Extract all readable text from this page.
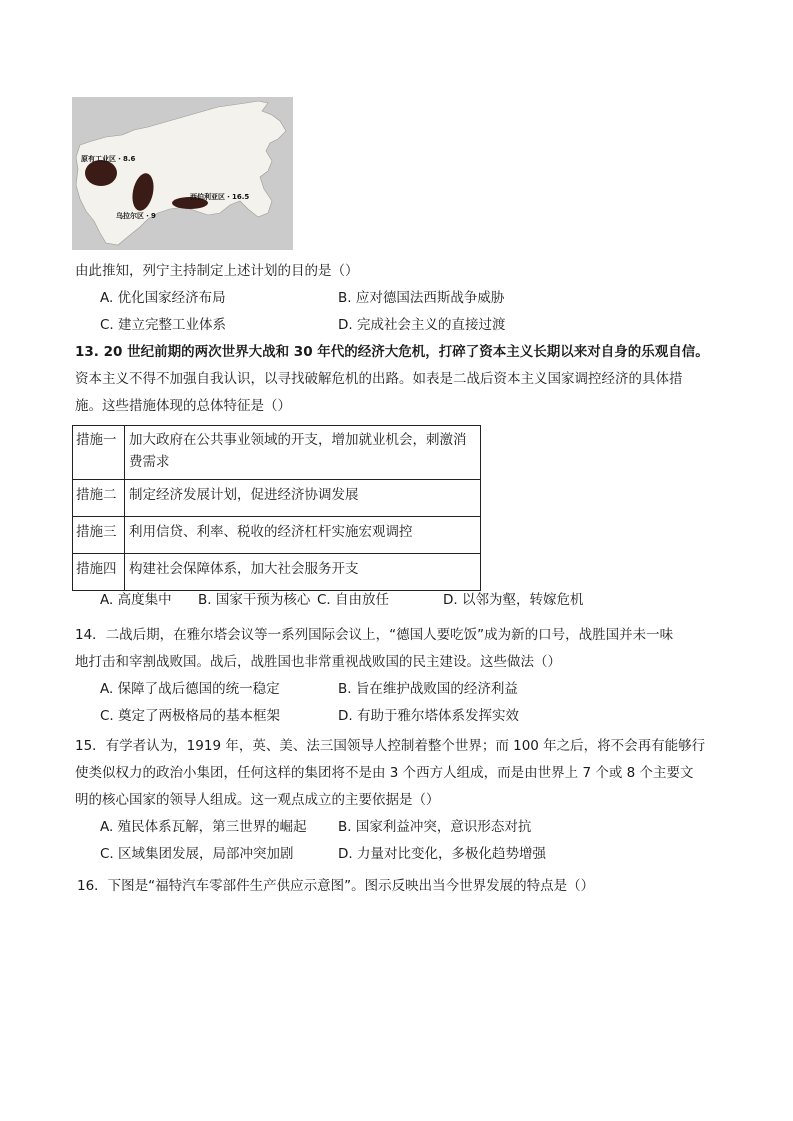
原有工业区・8.6
西伯利亚区・16.5
乌拉尔区・9
由此推知，列宁主持制定上述计划的目的是（）
A. 优化国家经济布局	B. 应对德国法西斯战争威胁
C. 建立完整工业体系	D. 完成社会主义的直接过渡
13. 20 世纪前期的两次世界大战和 30 年代的经济大危机，打碎了资本主义长期以来对自身的乐观自信。
资本主义不得不加强自我认识，以寻找破解危机的出路。如表是二战后资本主义国家调控经济的具体措
施。这些措施体现的总体特征是（）
措施一	加大政府在公共事业领域的开支，增加就业机会，刺激消
费需求

措施二	制定经济发展计划，促进经济协调发展
措施三	利用信贷、利率、税收的经济杠杆实施宏观调控
措施四	构建社会保障体系，加大社会服务开支
A. 高度集中 B. 国家干预为核心 C. 自由放任	D. 以邻为壑，转嫁危机
14．二战后期，在雅尔塔会议等一系列国际会议上，“德国人要吃饭”成为新的口号，战胜国并未一味
地打击和宰割战败国。战后，战胜国也非常重视战败国的民主建设。这些做法（）
A. 保障了战后德国的统一稳定	B. 旨在维护战败国的经济利益
C. 奠定了两极格局的基本框架	D. 有助于雅尔塔体系发挥实效
15．有学者认为，1919 年，英、美、法三国领导人控制着整个世界；而 100 年之后，将不会再有能够行
使类似权力的政治小集团，任何这样的集团将不是由 3 个西方人组成，而是由世界上 7 个或 8 个主要文
明的核心国家的领导人组成。这一观点成立的主要依据是（）
A. 殖民体系瓦解，第三世界的崛起 B. 国家利益冲突，意识形态对抗
C. 区域集团发展，局部冲突加剧	D. 力量对比变化，多极化趋势增强
16．下图是“福特汽车零部件生产供应示意图”。图示反映出当今世界发展的特点是（）
